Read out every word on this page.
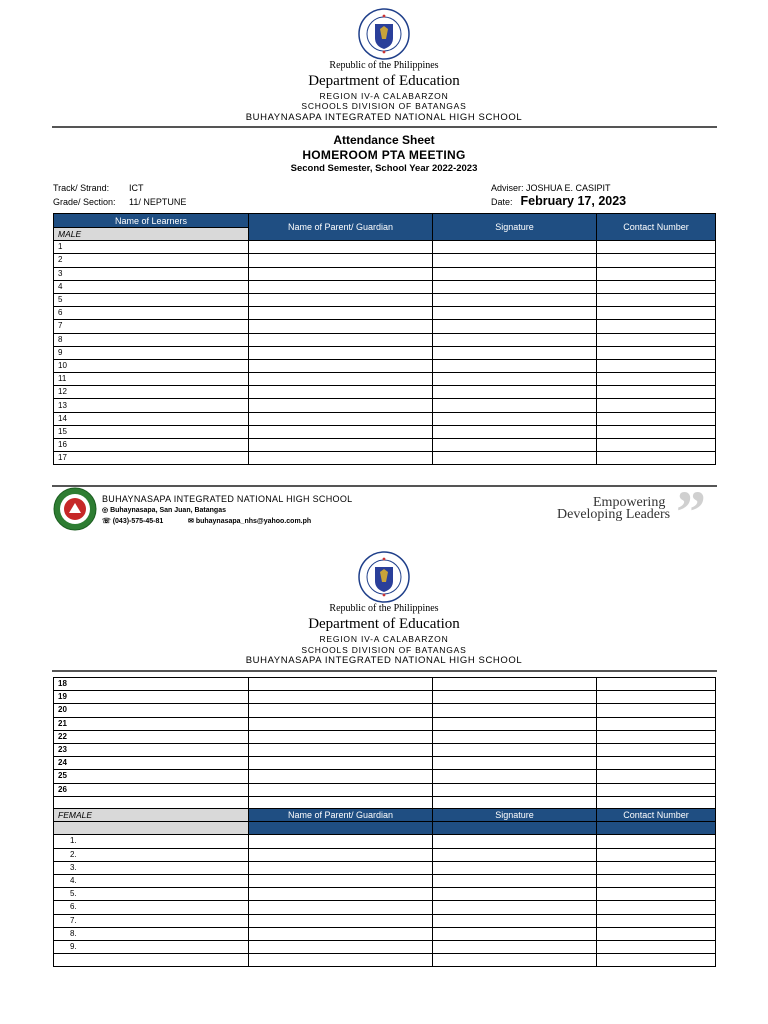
Republic of the Philippines
Department of Education
REGION IV-A CALABARZON
SCHOOLS DIVISION OF BATANGAS
BUHAYNASAPA INTEGRATED NATIONAL HIGH SCHOOL
Attendance Sheet
HOMEROOM PTA MEETING
Second Semester, School Year 2022-2023
Track/ Strand: ICT
Grade/ Section: 11/ NEPTUNE
Adviser: JOSHUA E. CASIPIT
Date: February 17, 2023
Name of Learners	Name of Parent/ Guardian	Signature	Contact Number
MALE			
1			
2			
3			
4			
5			
6			
7			
8			
9			
10			
11			
12			
13			
14			
15			
16			
17			
BUHAYNASAPA INTEGRATED NATIONAL HIGH SCHOOL
◎ Buhaynasapa, San Juan, Batangas
☏ (043)-575-45-81	✉ buhaynasapa_nhs@yahoo.com.ph	”
Empowering
Developing Leaders
Republic of the Philippines
Department of Education
REGION IV-A CALABARZON
SCHOOLS DIVISION OF BATANGAS
BUHAYNASAPA INTEGRATED NATIONAL HIGH SCHOOL
18			
19			
20			
21			
22			
23			
24			
25			
26			

FEMALE	Name of Parent/ Guardian	Signature	Contact Number

1.			
2.			
3.			
4.			
5.			
6.			
7.			
8.			
9.			
